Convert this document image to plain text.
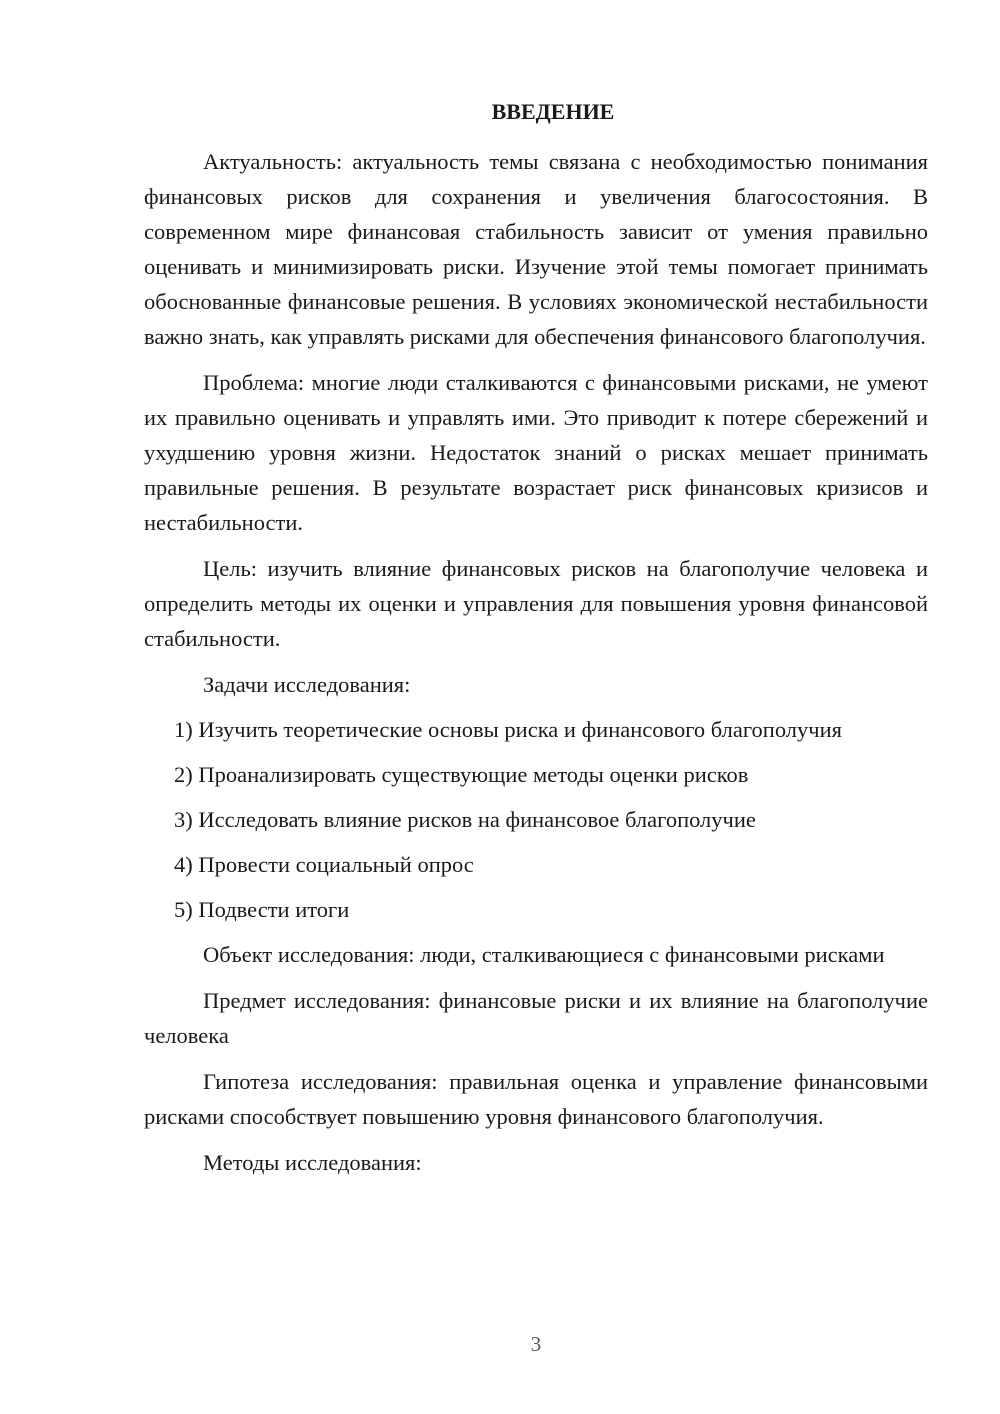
ВВЕДЕНИЕ

Актуальность: актуальность темы связана с необходимостью понимания финансовых рисков для сохранения и увеличения благосостояния. В современном мире финансовая стабильность зависит от умения правильно оценивать и минимизировать риски. Изучение этой темы помогает принимать обоснованные финансовые решения. В условиях экономической нестабильности важно знать, как управлять рисками для обеспечения финансового благополучия.

Проблема: многие люди сталкиваются с финансовыми рисками, не умеют их правильно оценивать и управлять ими. Это приводит к потере сбережений и ухудшению уровня жизни. Недостаток знаний о рисках мешает принимать правильные решения. В результате возрастает риск финансовых кризисов и нестабильности.

Цель: изучить влияние финансовых рисков на благополучие человека и определить методы их оценки и управления для повышения уровня финансовой стабильности.

Задачи исследования:
1) Изучить теоретические основы риска и финансового благополучия
2) Проанализировать существующие методы оценки рисков
3) Исследовать влияние рисков на финансовое благополучие
4) Провести социальный опрос
5) Подвести итоги

Объект исследования: люди, сталкивающиеся с финансовыми рисками

Предмет исследования: финансовые риски и их влияние на благополучие человека

Гипотеза исследования: правильная оценка и управление финансовыми рисками способствует повышению уровня финансового благополучия.

Методы исследования:

3
